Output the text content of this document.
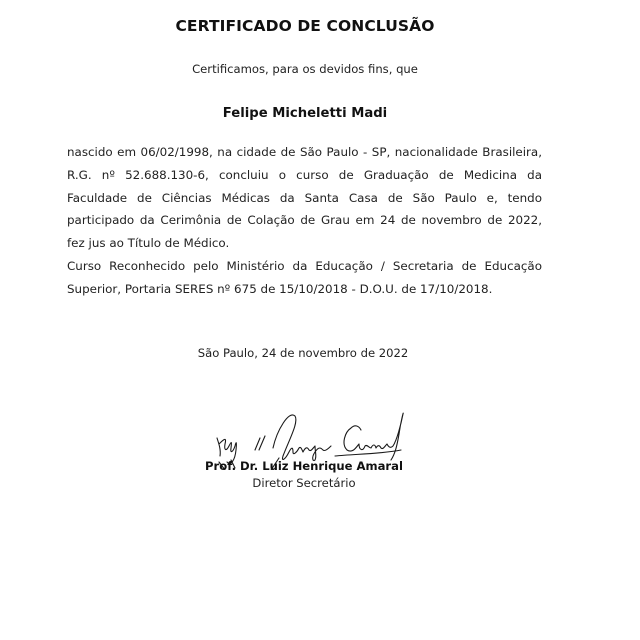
CERTIFICADO DE CONCLUSÃO
Certificamos, para os devidos fins, que
Felipe Micheletti Madi
nascido em 06/02/1998, na cidade de São Paulo - SP, nacionalidade Brasileira,
R.G. nº 52.688.130-6, concluiu o curso de Graduação de Medicina da
Faculdade de Ciências Médicas da Santa Casa de São Paulo e, tendo
participado da Cerimônia de Colação de Grau em 24 de novembro de 2022,
fez jus ao Título de Médico.
Curso Reconhecido pelo Ministério da Educação / Secretaria de Educação
Superior, Portaria SERES nº 675 de 15/10/2018 - D.O.U. de 17/10/2018.
São Paulo, 24 de novembro de 2022
Prof. Dr. Luiz Henrique Amaral
Diretor Secretário
